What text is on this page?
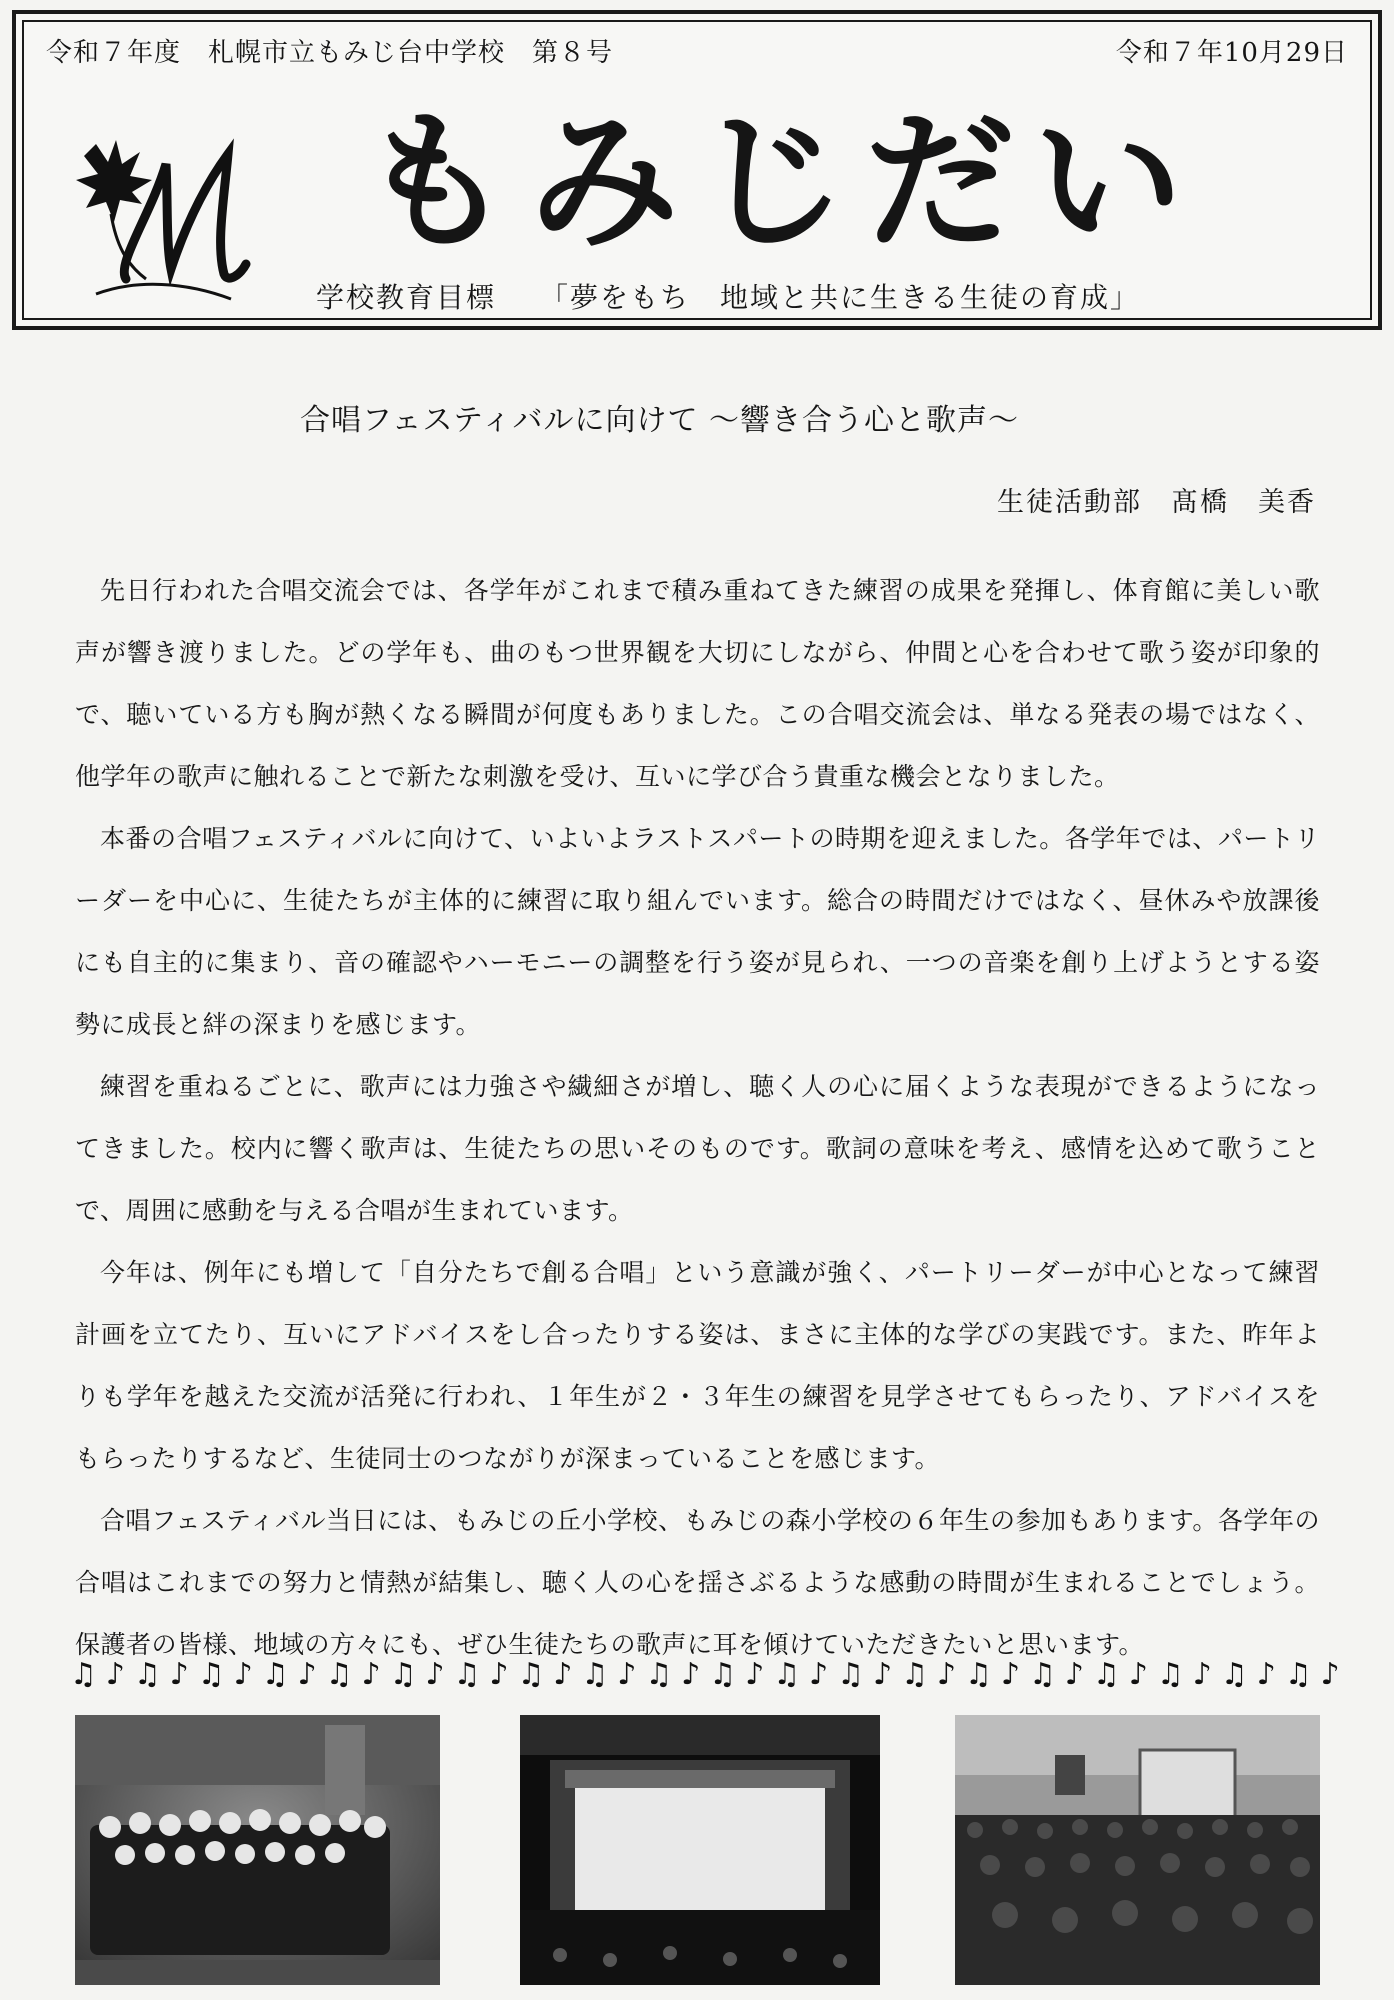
令和７年度　札幌市立もみじ台中学校　第８号	令和７年10月29日
もみじだい
学校教育目標 「夢をもち　地域と共に生きる生徒の育成」
合唱フェスティバルに向けて ～響き合う心と歌声～
生徒活動部　髙橋　美香

先日行われた合唱交流会では、各学年がこれまで積み重ねてきた練習の成果を発揮し、体育館に美しい歌声が響き渡りました。どの学年も、曲のもつ世界観を大切にしながら、仲間と心を合わせて歌う姿が印象的で、聴いている方も胸が熱くなる瞬間が何度もありました。この合唱交流会は、単なる発表の場ではなく、他学年の歌声に触れることで新たな刺激を受け、互いに学び合う貴重な機会となりました。

本番の合唱フェスティバルに向けて、いよいよラストスパートの時期を迎えました。各学年では、パートリーダーを中心に、生徒たちが主体的に練習に取り組んでいます。総合の時間だけではなく、昼休みや放課後にも自主的に集まり、音の確認やハーモニーの調整を行う姿が見られ、一つの音楽を創り上げようとする姿勢に成長と絆の深まりを感じます。

練習を重ねるごとに、歌声には力強さや繊細さが増し、聴く人の心に届くような表現ができるようになってきました。校内に響く歌声は、生徒たちの思いそのものです。歌詞の意味を考え、感情を込めて歌うことで、周囲に感動を与える合唱が生まれています。

今年は、例年にも増して「自分たちで創る合唱」という意識が強く、パートリーダーが中心となって練習計画を立てたり、互いにアドバイスをし合ったりする姿は、まさに主体的な学びの実践です。また、昨年よりも学年を越えた交流が活発に行われ、１年生が２・３年生の練習を見学させてもらったり、アドバイスをもらったりするなど、生徒同士のつながりが深まっていることを感じます。

合唱フェスティバル当日には、もみじの丘小学校、もみじの森小学校の６年生の参加もあります。各学年の合唱はこれまでの努力と情熱が結集し、聴く人の心を揺さぶるような感動の時間が生まれることでしょう。保護者の皆様、地域の方々にも、ぜひ生徒たちの歌声に耳を傾けていただきたいと思います。

♫ ♪ ♫ ♪ ♫ ♪ ♫ ♪ ♫ ♪ ♫ ♪ ♫ ♪ ♫ ♪ ♫ ♪ ♫ ♪ ♫ ♪ ♫ ♪ ♫ ♪ ♫ ♪ ♫ ♪ ♫ ♪ ♫ ♪ ♫ ♪ ♫ ♪ ♫ ♪
